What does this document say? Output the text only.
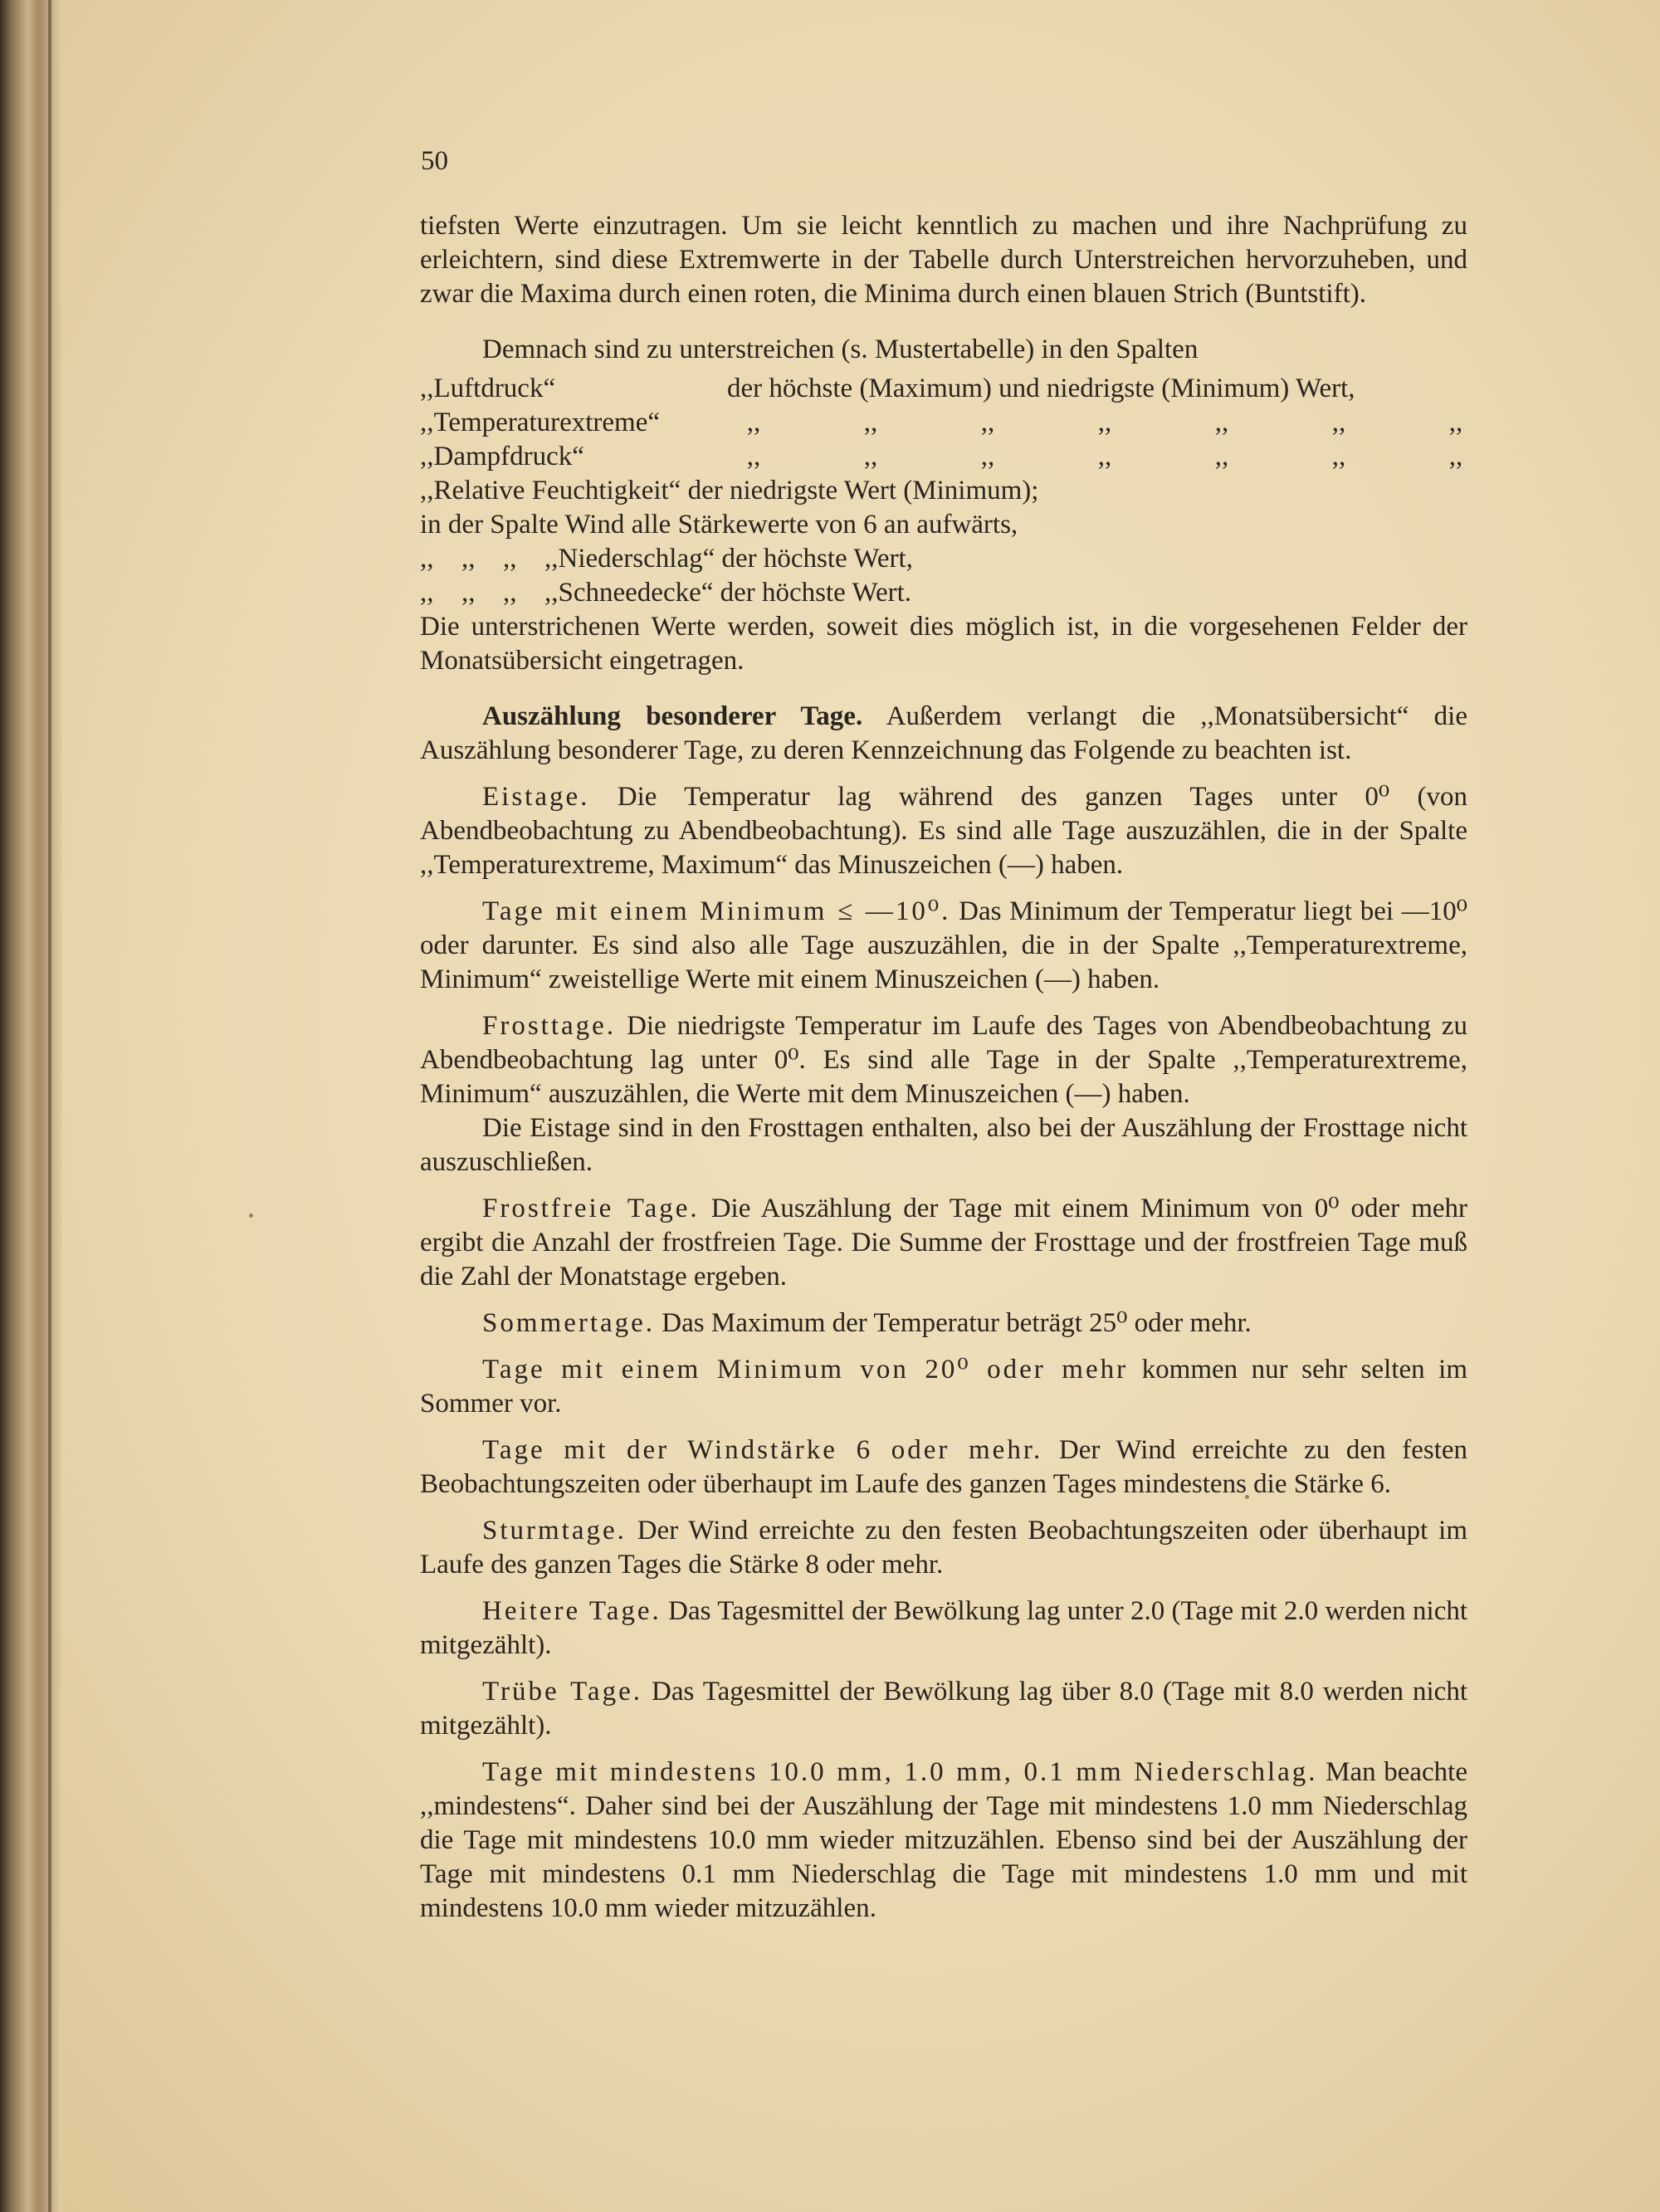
50

tiefsten Werte einzutragen. Um sie leicht kenntlich zu machen und ihre Nachprüfung zu erleichtern, sind diese Extremwerte in der Tabelle durch Unterstreichen hervorzuheben, und zwar die Maxima durch einen roten, die Minima durch einen blauen Strich (Buntstift).

Demnach sind zu unterstreichen (s. Mustertabelle) in den Spalten

,,Luftdruck“	der höchste (Maximum) und niedrigste (Minimum) Wert,
,,Temperaturextreme“	,,	,,	,,	,,	,,	,,	,,
,,Dampfdruck“	,,	,,	,,	,,	,,	,,	,,
,,Relative Feuchtigkeit“ der niedrigste Wert (Minimum);
in der Spalte Wind alle Stärkewerte von 6 an aufwärts,
,,	,,	,,	,,Niederschlag“ der höchste Wert,
,,	,,	,,	,,Schneedecke“ der höchste Wert.

Die unterstrichenen Werte werden, soweit dies möglich ist, in die vorgesehenen Felder der Monatsübersicht eingetragen.

Auszählung besonderer Tage. Außerdem verlangt die ,,Monatsübersicht“ die Auszählung besonderer Tage, zu deren Kennzeichnung das Folgende zu beachten ist.

Eistage. Die Temperatur lag während des ganzen Tages unter 0⁰ (von Abendbeobachtung zu Abendbeobachtung). Es sind alle Tage auszuzählen, die in der Spalte ,,Temperaturextreme, Maximum“ das Minuszeichen (—) haben.

Tage mit einem Minimum ≤ —10⁰. Das Minimum der Temperatur liegt bei —10⁰ oder darunter. Es sind also alle Tage auszuzählen, die in der Spalte ,,Temperaturextreme, Minimum“ zweistellige Werte mit einem Minuszeichen (—) haben.

Frosttage. Die niedrigste Temperatur im Laufe des Tages von Abendbeobachtung zu Abendbeobachtung lag unter 0⁰. Es sind alle Tage in der Spalte ,,Temperaturextreme, Minimum“ auszuzählen, die Werte mit dem Minuszeichen (—) haben.

Die Eistage sind in den Frosttagen enthalten, also bei der Auszählung der Frosttage nicht auszuschließen.

Frostfreie Tage. Die Auszählung der Tage mit einem Minimum von 0⁰ oder mehr ergibt die Anzahl der frostfreien Tage. Die Summe der Frosttage und der frostfreien Tage muß die Zahl der Monatstage ergeben.

Sommertage. Das Maximum der Temperatur beträgt 25⁰ oder mehr.

Tage mit einem Minimum von 20⁰ oder mehr kommen nur sehr selten im Sommer vor.

Tage mit der Windstärke 6 oder mehr. Der Wind erreichte zu den festen Beobachtungszeiten oder überhaupt im Laufe des ganzen Tages mindestens die Stärke 6.

Sturmtage. Der Wind erreichte zu den festen Beobachtungszeiten oder überhaupt im Laufe des ganzen Tages die Stärke 8 oder mehr.

Heitere Tage. Das Tagesmittel der Bewölkung lag unter 2.0 (Tage mit 2.0 werden nicht mitgezählt).

Trübe Tage. Das Tagesmittel der Bewölkung lag über 8.0 (Tage mit 8.0 werden nicht mitgezählt).

Tage mit mindestens 10.0 mm, 1.0 mm, 0.1 mm Niederschlag. Man beachte ,,mindestens“. Daher sind bei der Auszählung der Tage mit mindestens 1.0 mm Niederschlag die Tage mit mindestens 10.0 mm wieder mitzuzählen. Ebenso sind bei der Auszählung der Tage mit mindestens 0.1 mm Niederschlag die Tage mit mindestens 1.0 mm und mit mindestens 10.0 mm wieder mitzuzählen.
